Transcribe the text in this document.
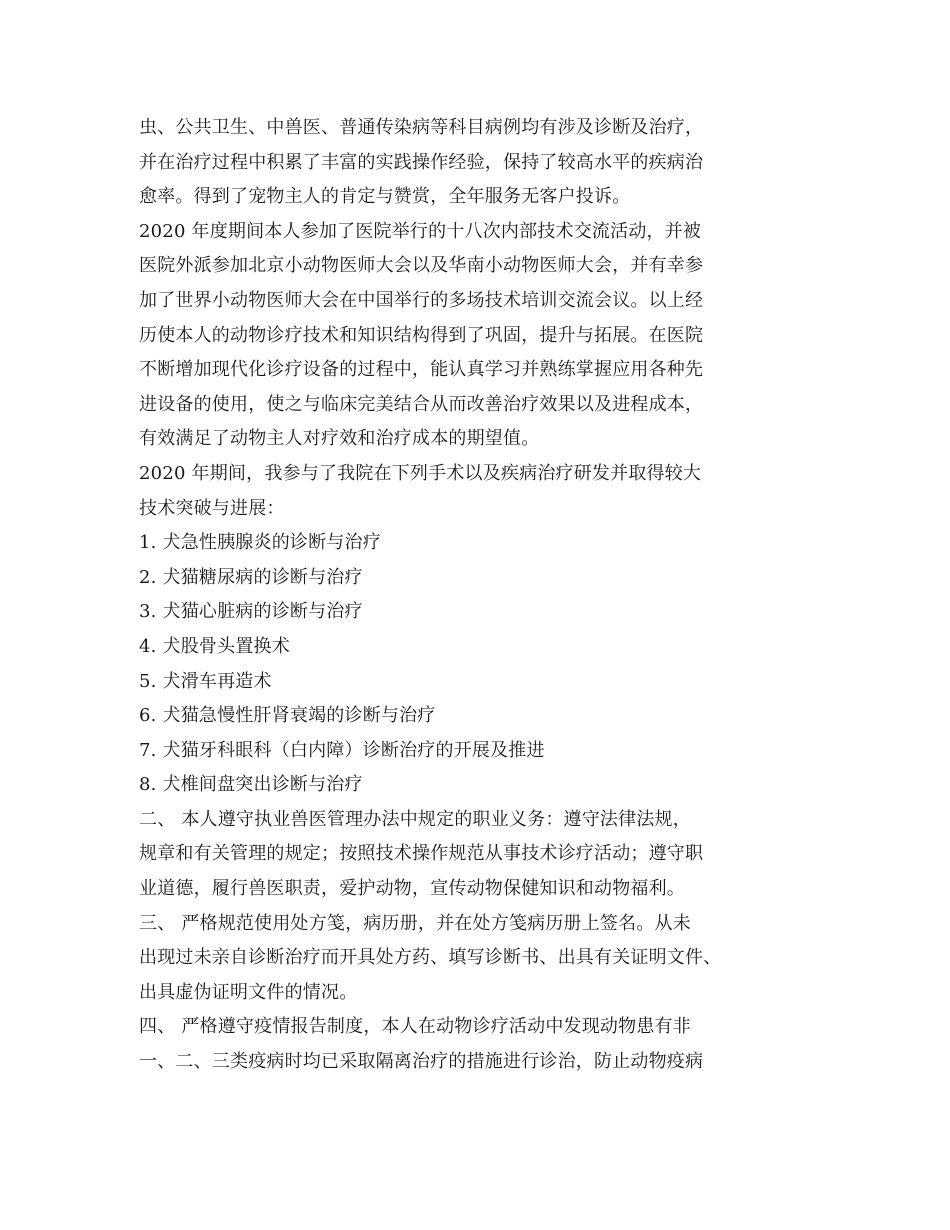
虫、公共卫生、中兽医、普通传染病等科目病例均有涉及诊断及治疗，
并在治疗过程中积累了丰富的实践操作经验，保持了较高水平的疾病治
愈率。得到了宠物主人的肯定与赞赏，全年服务无客户投诉。
2020 年度期间本人参加了医院举行的十八次内部技术交流活动，并被
医院外派参加北京小动物医师大会以及华南小动物医师大会，并有幸参
加了世界小动物医师大会在中国举行的多场技术培训交流会议。以上经
历使本人的动物诊疗技术和知识结构得到了巩固，提升与拓展。在医院
不断增加现代化诊疗设备的过程中，能认真学习并熟练掌握应用各种先
进设备的使用，使之与临床完美结合从而改善治疗效果以及进程成本，
有效满足了动物主人对疗效和治疗成本的期望值。
2020 年期间，我参与了我院在下列手术以及疾病治疗研发并取得较大
技术突破与进展：
1. 犬急性胰腺炎的诊断与治疗
2. 犬猫糖尿病的诊断与治疗
3. 犬猫心脏病的诊断与治疗
4. 犬股骨头置换术
5. 犬滑车再造术
6. 犬猫急慢性肝肾衰竭的诊断与治疗
7. 犬猫牙科眼科（白内障）诊断治疗的开展及推进
8. 犬椎间盘突出诊断与治疗
二、 本人遵守执业兽医管理办法中规定的职业义务：遵守法律法规，
规章和有关管理的规定；按照技术操作规范从事技术诊疗活动；遵守职
业道德，履行兽医职责，爱护动物，宣传动物保健知识和动物福利。
三、 严格规范使用处方笺，病历册，并在处方笺病历册上签名。从未
出现过未亲自诊断治疗而开具处方药、填写诊断书、出具有关证明文件、
出具虚伪证明文件的情况。
四、 严格遵守疫情报告制度，本人在动物诊疗活动中发现动物患有非
一、二、三类疫病时均已采取隔离治疗的措施进行诊治，防止动物疫病
